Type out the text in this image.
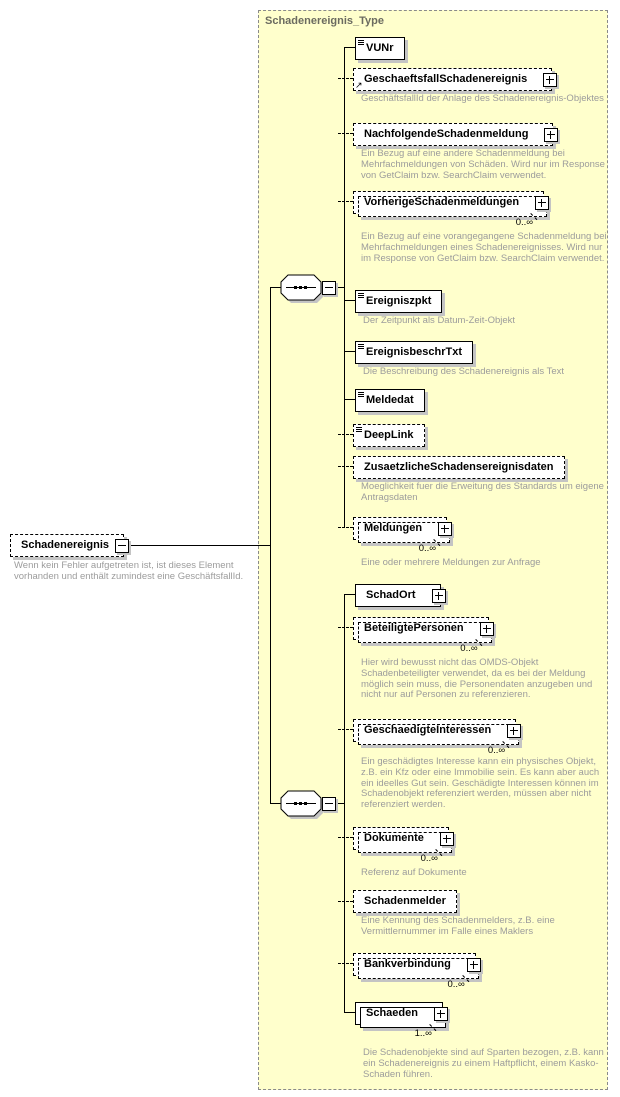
Schadenereignis_Type
Schadenereignis
Wenn kein Fehler aufgetreten ist, ist dieses Element vorhanden und enthält zumindest eine GeschäftsfallId.
VUNr
↗ GeschaeftsfallSchadenereignis
GeschäftsfallId der Anlage des Schadenereignis-Objektes
NachfolgendeSchadenmeldung
Ein Bezug auf eine andere Schadenmeldung bei Mehrfachmeldungen von Schäden. Wird nur im Response von GetClaim bzw. SearchClaim verwendet.
VorherigeSchadenmeldungen
0..∞
Ein Bezug auf eine vorangegangene Schadenmeldung bei Mehrfachmeldungen eines Schadenereignisses. Wird nur im Response von GetClaim bzw. SearchClaim verwendet.
Ereigniszpkt
Der Zeitpunkt als Datum-Zeit-Objekt
EreignisbeschrTxt
Die Beschreibung des Schadenereignis als Text
Meldedat
DeepLink
ZusaetzlicheSchadensereignisdaten
Moeglichkeit fuer die Erweitung des Standards um eigene Antragsdaten
Meldungen
0..∞
Eine oder mehrere Meldungen zur Anfrage
SchadOrt
BeteiligtePersonen
0..∞
Hier wird bewusst nicht das OMDS-Objekt Schadenbeteiligter verwendet, da es bei der Meldung möglich sein muss, die Personendaten anzugeben und nicht nur auf Personen zu referenzieren.
GeschaedigteInteressen
0..∞
Ein geschädigtes Interesse kann ein physisches Objekt, z.B. ein Kfz oder eine Immobilie sein. Es kann aber auch ein ideelles Gut sein. Geschädigte Interessen können im Schadenobjekt referenziert werden, müssen aber nicht referenziert werden.
Dokumente
0..∞
Referenz auf Dokumente
Schadenmelder
Eine Kennung des Schadenmelders, z.B. eine Vermittlernummer im Falle eines Maklers
Bankverbindung
0..∞
Schaeden
1..∞
Die Schadenobjekte sind auf Sparten bezogen, z.B. kann ein Schadenereignis zu einem Haftpflicht, einem Kasko-Schaden führen.
